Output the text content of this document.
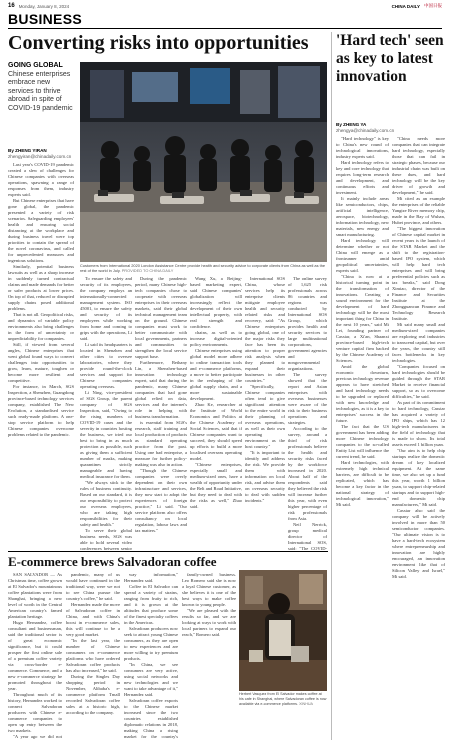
16 Monday, January 8, 2024	CHINA DAILY 中国日报
BUSINESS
Converting risks into opportunities
GOING GLOBAL
Chinese enterprises embrace new services to thrive abroad in spite of COVID-19 pandemic
By ZHENG YIRAN
zhengyiran@chinadaily.com.cn

Last year's COVID-19 pandemic created a slew of challenges for Chinese companies with overseas operations, spawning a range of responses from them, industry experts said.

But Chinese enterprises that have gone global, the pandemic presented a variety of risk scenarios. Safeguarding employees' health and ensuring social distancing at the workplace and during business travel were top priorities to contain the spread of the novel coronavirus, and called for unprecedented measures and ingenious solutions.

Similarly, potential business lawsuits as well as a sharp increase in suddenly turned contractual claims and made demands for better or safer products at lower prices. On top of that, reduced or disrupted supply chains posed additional problems.

That is not all. Geopolitical risks, and dynamics of variable policy environments also bring challenges in the form of uncertainty or unpredictability for companies.

Still, if viewed from several angles, Chinese enterprises that went global found ways to convert challenges into opportunities to grow, learn, mature, toughen or become more resilient and competitive.

For instance, in March, SGS Inspection, a Shenzhen, Guangdong province-based technology services company, established The New Evolution, a standardised service such ready-made platform. A one-stop service platform to help Chinese companies overcome problems related to the pandemic.

Customers from International 2020 London Assistance Centre provide health and security advice to corporate clients from China as well as the rest of the world in July. PROVIDED TO CHINA DAILY

To ensure the safety and security of its employees, the company employs an internationally-connected management system. ISO 45001, to ensure the safety and security of its employees while working from home and coming to grips with the operations, Li said.

Li said its headquarters is located in Shenzhen and other cities to oversee laboratories, where they provide round-the-clock services and support for Chinese companies operating overseas.

Li Ning, vice-president of SGS Group, the parent company of SGS Inspection, said, "Owing to the rising numbers of COVID-19 cases and the severity in countries hosting the business, we tried our best to bring in as much protection as possible, such as giving them a sufficient number of masks, making quarantines strictly manageable and having medical insurance for them.

"We always stick to the rules of business continuity. Based on our standard, it is our responsibility to protect our overseas employees, who are taking high responsibilities for their safety and health."

To serve their global business needs, SGS was able to hold several video conferences between senior

During the pandemic period, many Chinese high-tech companies chose to cooperate with overseas enterprises in their overseas markets, said their global technical management team on the ground. Chinese companies must work to better communicate with local governments, partners and communities to strengthen the local service support base.

Furthermore, Bethany Lin, a Shenzhen-based innovation technology expert, said that during the pandemic, many Chinese companies that had gone global relied on data, services and the internet's role in helping with business transformation.

is essential from SGS's research, staff training and local production of products as standard operating practice from the past. Using one bad enterprise, a measure for further policy-making was also in action.

"Though the Chinese companies were overly dependent on their own infrastructure and services, they now start to adopt the experiences of foreign practice," Li said. "Our service platform also offers consultancy on local regulation, labour laws and tax matters."

Wang Xu, a Beijing-based marketing expert, said Chinese companies' globalization will increasingly reflect the development of their own intellectual property, with real strength and confidence.

chains, as well as to increase digital-oriented policy environments.

Chinese enterprises using global model more adhere to online transaction tools and e-commerce platforms, a move to better participate in the reshaping of the global supply chain, and a more sustainable development.

Zhao Ke, researcher at the Institute of World Economics and Politics at the Chinese Academy of Social Sciences, said that if Chinese companies want to succeed, they should speed up efforts to build a more localised overseas operating model.

"Chinese enterprises, especially small and medium-sized ones, have a wealth of opportunity under the Belt and Road Initiative, but they need to deal with the risks as well," Zhao said.

International SOS China, whose services help its enterprise clients mitigate employee health and security related risks and recovery, said: "As Chinese enterprises going global, one of the major risks they face has been its attention to proper risk analysis when they planned to expand their businesses in other countries."

"Specifically, Chinese companies often tend to give significant attention to the entire world in their planning of overseas operations, as well as their own operating environment as the host country."

"It is important to identify and address the risk. We provide them with information on local risk, and advise them on overseas security to deal with sudden incidents."

The online survey of 1,625 risk professionals across 86 countries and regions was conducted by International SOS Group, which provides health and security services to large multinational corporations, government agencies and nongovernmental organizations.

The survey showed that the report and Asian enterprises with overseas businesses were aware of the risk to their business operations and strategies.

According to the survey, around a third of risk professionals believe the health and security risks faced by the workforce increased in 2020. About half of the respondents said they believed the risk will increase further this year, with even higher percentage of risk professionals from Asia.

Neil Nerrick, group medical director of International SOS, said: "The COVID-

'Hard tech' seen as key to latest innovation
By ZHENG YA
zhengya@chinadaily.com.cn

"Hard technology" is key to China's new round of technological innovations, industry experts said.

Hard technology refers to key and core technology that requires long-term research and development, and continuous efforts and investment.

It mainly include areas like semiconductors, chips, artificial intelligence, aerospace, biotechnology, information technology, new materials, new energy and smart manufacturing.

Hard technology will determine whether or not China will emerge as a frontrunner amid geopolitical uncertainties, experts said.

"China is now at a historical turning point in the transformation of innovations. Creating a sound environment for the development of hard technology will be the most important thing for China in the next 10 years," said Mi Lei, founding partner of Casstar, a Xi'an, Shaanxi province-based high-tech venture capital firm backed by the Chinese Academy of Sciences.

Amid the global economic downturn, previous technology revenue appears to have stretched and hard technology needs to be upgraded or replaced with new knowledge and technologies, as it is a key to enterprises' success in the future.

The fact that the US government has been adding more Chinese technology companies to the so-called Entity List will influence the current trend, he said.

Hard technologies, with extremely high technical barriers, are difficult to be replicated, which has become a key factor in the national strategy of technological innovation," Mi said.

"China needs more companies that can integrate hard technology, especially those that can fail in strategic phases, because our industrial chain was built on these dues, and hard technology will be the key driver of growth and development," he said.

Mi cited as an example the enterprises of the reliable Yangtze River memory chip, made in the Bay of Wuhan, Hubei province, and others.

"The biggest innovation of Chinese capital market in recent years is the launch of the STAR Market and the shift to the registration-based IPO system, which will help hard tech enterprises and will bring preferential policies such as tax breaks," said Dong Ximiao, director of the Finance and Securities Institute at the Zhongguancun Finance and Technology Research Institute.

Mi said many small and medium-sized companies are exploring real industries to transcend capital, but over the years, the country still faces bottlenecks in key technologies.

"Companies focused on hard technologies should be guided through the STAR Market to receive financial support, so as to overcome difficulties," he said.

As part of its commitment to hard technology, Casstar has acquired a variety of IPO ships, which has 12 high-tech manufacturers in the field of technology that is made to show. Its total assets exceed 1 billion yuan.

"Our aim is to help chip startups realize the domestic dream of key localized equipment. At the same time, we also set up a fund this year, worth 1 billion yuan, to support chip-related startups and to support high-end domestic chip manufacturers," Mi said.

Casstar also said the company will be actively involved in more than 50 semiconductor companies. "Our ultimate vision is to have a hard-tech ecosystem where entrepreneurship and innovation are highly encouraged, an innovation environment like that of Silicon Valley and Israel," Mi said.

E-commerce brews Salvadoran coffee

SAN SALVADOR — As Christmas time, coffee grown at El Salvador's mountainous coffee plantations were from Shanghai, bringing a new level of worth in the Central American country's famed plantation heritage.

Hugo Hernandez, coffee consultant and businessman, said the traditional sector is of great economic significance, but it could prosper the first online sale of a premium coffee variety via cross-border e-commerce. Commerce, and a new e-commerce strategy he promoted throughout the year.

Throughout much of its history, Hernandez worked to connect Salvadoran producers with Chinese e-commerce companies to open up entry between the two markets.

"A year ago we did not

pandemic, many of us would have continued in the traditional way, were we not to see China pursue the country's coffee," he said.

Hernandez made the move of Salvadoran coffee in China, and with China's boost in e-commerce sales, this will continue to be a very good market.

"In the last year, the number of Chinese consumers on e-commerce platforms who have ordered Salvadoran coffee products has also increased," he said.

During the Singles Day shopping period in November, Alibaba's e-commerce platform Tmall recorded Salvadoran coffee sales at a historic high, according to the company.

way information," Hernandez said.

Coffee in El Salvador can spread a variety of strains, ranging from fruity to rich, and it is grown at the altitudes that produce some of the finest specialty coffees in the Americas.

Salvadoran producers now seek to attract young Chinese consumers, as they are open to new experiences and are more willing to try premium products.

"In China, we see consumers are very active, using social networks and new technologies and we want to take advantage of it," Hernandez said.

Salvadoran coffee exports to the Chinese market increased since the two countries established diplomatic relations in 2018, making China a rising market for the country's

family-owned business. Leo Romero said she is now a loyal Chinese customer, as she believes it is one of the best ways to make coffee known to young people.

"We are pleased with the results so far, and we are looking at ways to work with local partners to expand our reach," Romero said.

Herbert Vasquez from El Salvador makes coffee at his cafe in Shanghai, where Salvadoran coffee is now available via e-commerce platforms. XINHUA
